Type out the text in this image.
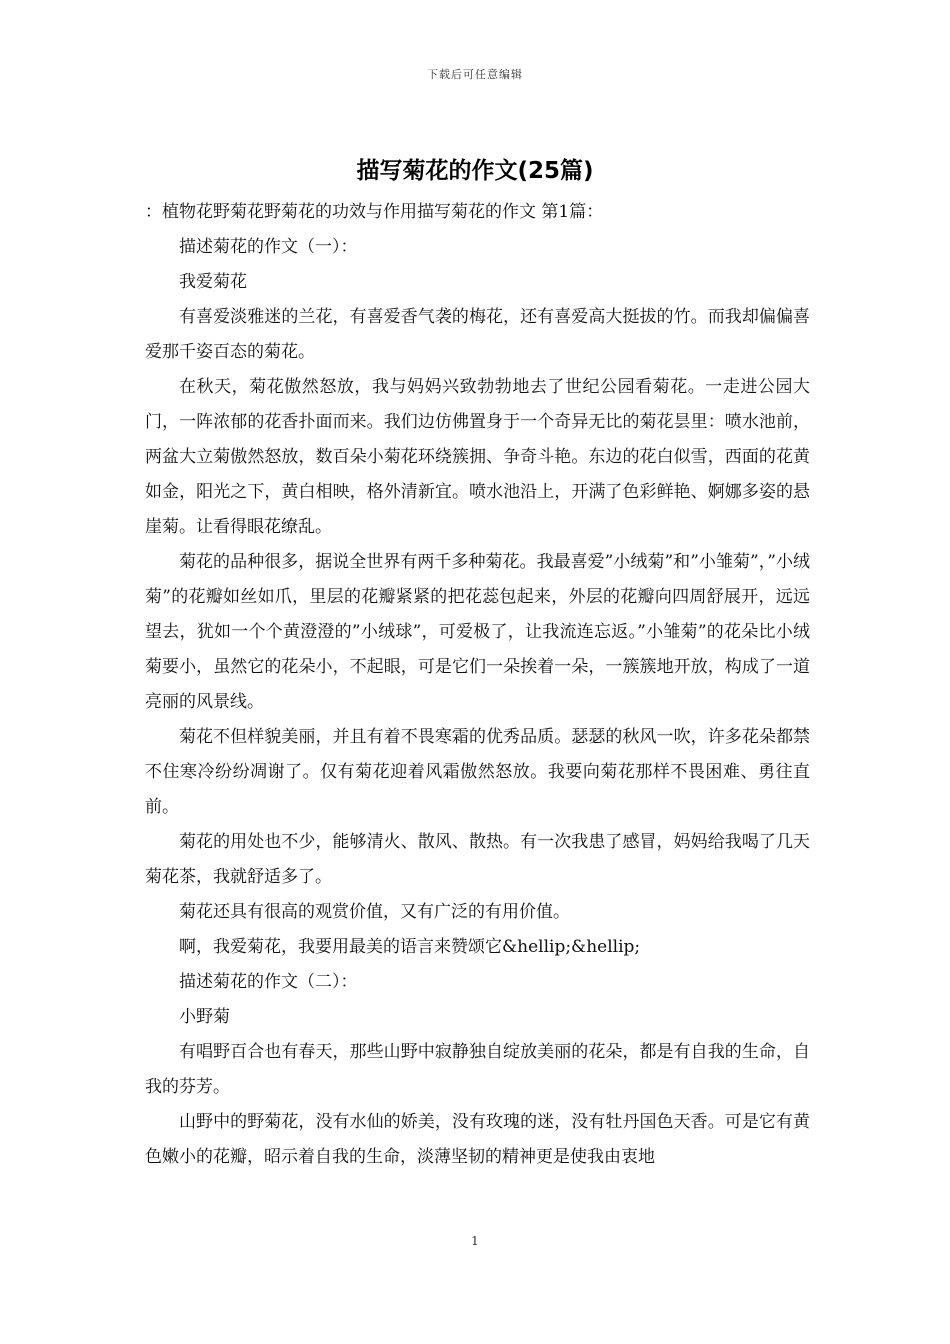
下载后可任意编辑
描写菊花的作文(25篇)

：植物花野菊花野菊花的功效与作用描写菊花的作文 第1篇：

描述菊花的作文（一）：

我爱菊花

有喜爱淡雅迷的兰花，有喜爱香气袭的梅花，还有喜爱高大挺拔的竹。而我却偏偏喜爱那千姿百态的菊花。

在秋天，菊花傲然怒放，我与妈妈兴致勃勃地去了世纪公园看菊花。一走进公园大门，一阵浓郁的花香扑面而来。我们边仿佛置身于一个奇异无比的菊花昙里：喷水池前，两盆大立菊傲然怒放，数百朵小菊花环绕簇拥、争奇斗艳。东边的花白似雪，西面的花黄如金，阳光之下，黄白相映，格外清新宜。喷水池沿上，开满了色彩鲜艳、婀娜多姿的悬崖菊。让看得眼花缭乱。

菊花的品种很多，据说全世界有两千多种菊花。我最喜爱”小绒菊”和”小雏菊”，”小绒菊”的花瓣如丝如爪，里层的花瓣紧紧的把花蕊包起来，外层的花瓣向四周舒展开，远远望去，犹如一个个黄澄澄的”小绒球”，可爱极了，让我流连忘返。”小雏菊”的花朵比小绒菊要小，虽然它的花朵小，不起眼，可是它们一朵挨着一朵，一簇簇地开放，构成了一道亮丽的风景线。

菊花不但样貌美丽，并且有着不畏寒霜的优秀品质。瑟瑟的秋风一吹，许多花朵都禁不住寒冷纷纷凋谢了。仅有菊花迎着风霜傲然怒放。我要向菊花那样不畏困难、勇往直前。

菊花的用处也不少，能够清火、散风、散热。有一次我患了感冒，妈妈给我喝了几天菊花茶，我就舒适多了。

菊花还具有很高的观赏价值，又有广泛的有用价值。

啊，我爱菊花，我要用最美的语言来赞颂它&hellip;&hellip;

描述菊花的作文（二）：

小野菊

有唱野百合也有春天，那些山野中寂静独自绽放美丽的花朵，都是有自我的生命，自我的芬芳。

山野中的野菊花，没有水仙的娇美，没有玫瑰的迷，没有牡丹国色天香。可是它有黄色嫩小的花瓣，昭示着自我的生命，淡薄坚韧的精神更是使我由衷地

1
